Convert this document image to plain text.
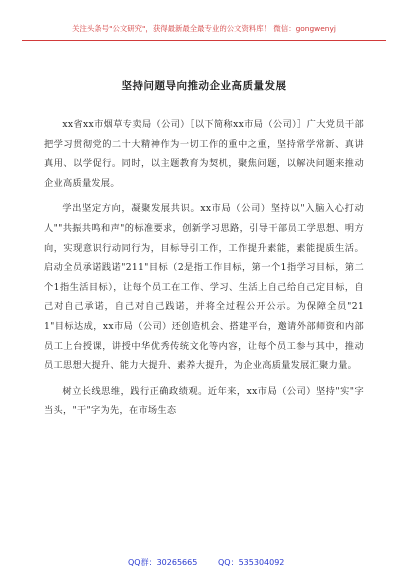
关注头条号"公文研究"，获得最新最全最专业的公文资料库！ 微信：gongwenyj
坚持问题导向推动企业高质量发展

xx省xx市烟草专卖局（公司）［以下简称xx市局（公司）］广大党员干部把学习贯彻党的二十大精神作为一切工作的重中之重，坚持常学常新、真讲真用、以学促行。同时，以主题教育为契机，聚焦问题，以解决问题来推动企业高质量发展。

学出坚定方向，凝聚发展共识。xx市局（公司）坚持以"入脑入心打动人""共振共鸣和声"的标准要求，创新学习思路，引导干部员工学思想、明方向，实现意识行动同行为，目标导引工作，工作提升素能，素能提质生活。启动全员承诺践诺"211"目标（2是指工作目标，第一个1指学习目标，第二个1指生活目标），让每个员工在工作、学习、生活上自己给自己定目标，自己对自己承诺，自己对自己践诺，并将全过程公开公示。为保障全员"211"目标达成，xx市局（公司）还创造机会、搭建平台，邀请外部师资和内部员工上台授课，讲授中华优秀传统文化等内容，让每个员工参与其中，推动员工思想大提升、能力大提升、素养大提升，为企业高质量发展汇聚力量。

树立长线思维，践行正确政绩观。近年来，xx市局（公司）坚持"实"字当头，"干"字为先，在市场生态

QQ群：30265665	QQ：535304092
